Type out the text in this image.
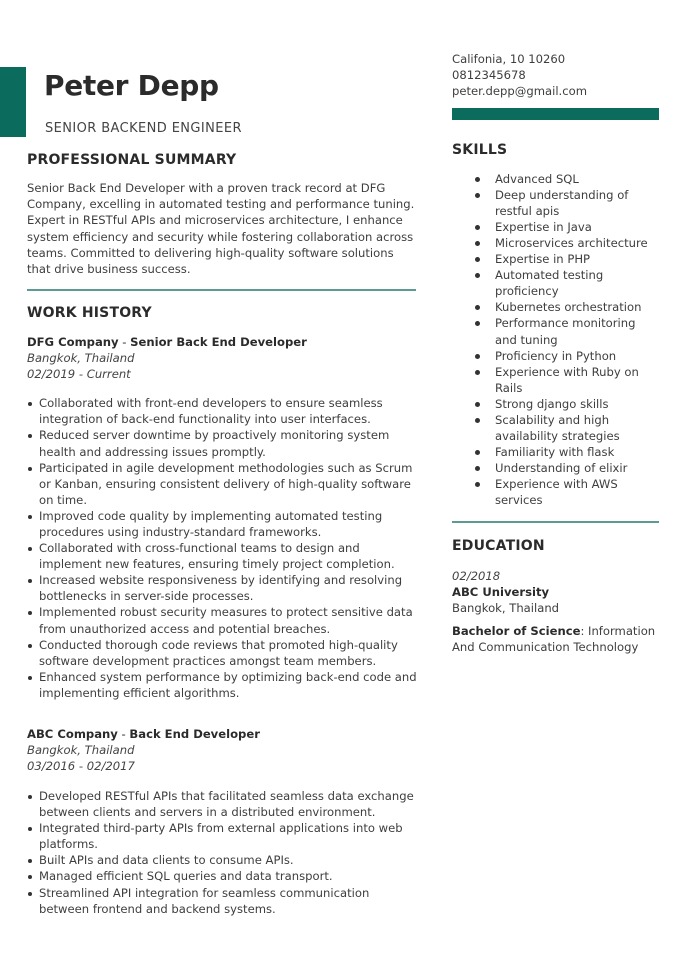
Peter Depp
SENIOR BACKEND ENGINEER
PROFESSIONAL SUMMARY

Senior Back End Developer with a proven track record at DFG Company, excelling in automated testing and performance tuning. Expert in RESTful APIs and microservices architecture, I enhance system efficiency and security while fostering collaboration across teams. Committed to delivering high-quality software solutions that drive business success.

WORK HISTORY
DFG Company - Senior Back End Developer
Bangkok, Thailand
02/2019 - Current
Collaborated with front-end developers to ensure seamless integration of back-end functionality into user interfaces.
Reduced server downtime by proactively monitoring system health and addressing issues promptly.
Participated in agile development methodologies such as Scrum or Kanban, ensuring consistent delivery of high-quality software on time.
Improved code quality by implementing automated testing procedures using industry-standard frameworks.
Collaborated with cross-functional teams to design and implement new features, ensuring timely project completion.
Increased website responsiveness by identifying and resolving bottlenecks in server-side processes.
Implemented robust security measures to protect sensitive data from unauthorized access and potential breaches.
Conducted thorough code reviews that promoted high-quality software development practices amongst team members.
Enhanced system performance by optimizing back-end code and implementing efficient algorithms.
ABC Company - Back End Developer
Bangkok, Thailand
03/2016 - 02/2017
Developed RESTful APIs that facilitated seamless data exchange between clients and servers in a distributed environment.
Integrated third-party APIs from external applications into web platforms.
Built APIs and data clients to consume APIs.
Managed efficient SQL queries and data transport.
Streamlined API integration for seamless communication between frontend and backend systems.
Califonia, 10 10260
0812345678
peter.depp@gmail.com
SKILLS
Advanced SQL
Deep understanding of restful apis
Expertise in Java
Microservices architecture
Expertise in PHP
Automated testing proficiency
Kubernetes orchestration
Performance monitoring and tuning
Proficiency in Python
Experience with Ruby on Rails
Strong django skills
Scalability and high availability strategies
Familiarity with flask
Understanding of elixir
Experience with AWS services
EDUCATION
02/2018
ABC University
Bangkok, Thailand
Bachelor of Science: Information And Communication Technology
